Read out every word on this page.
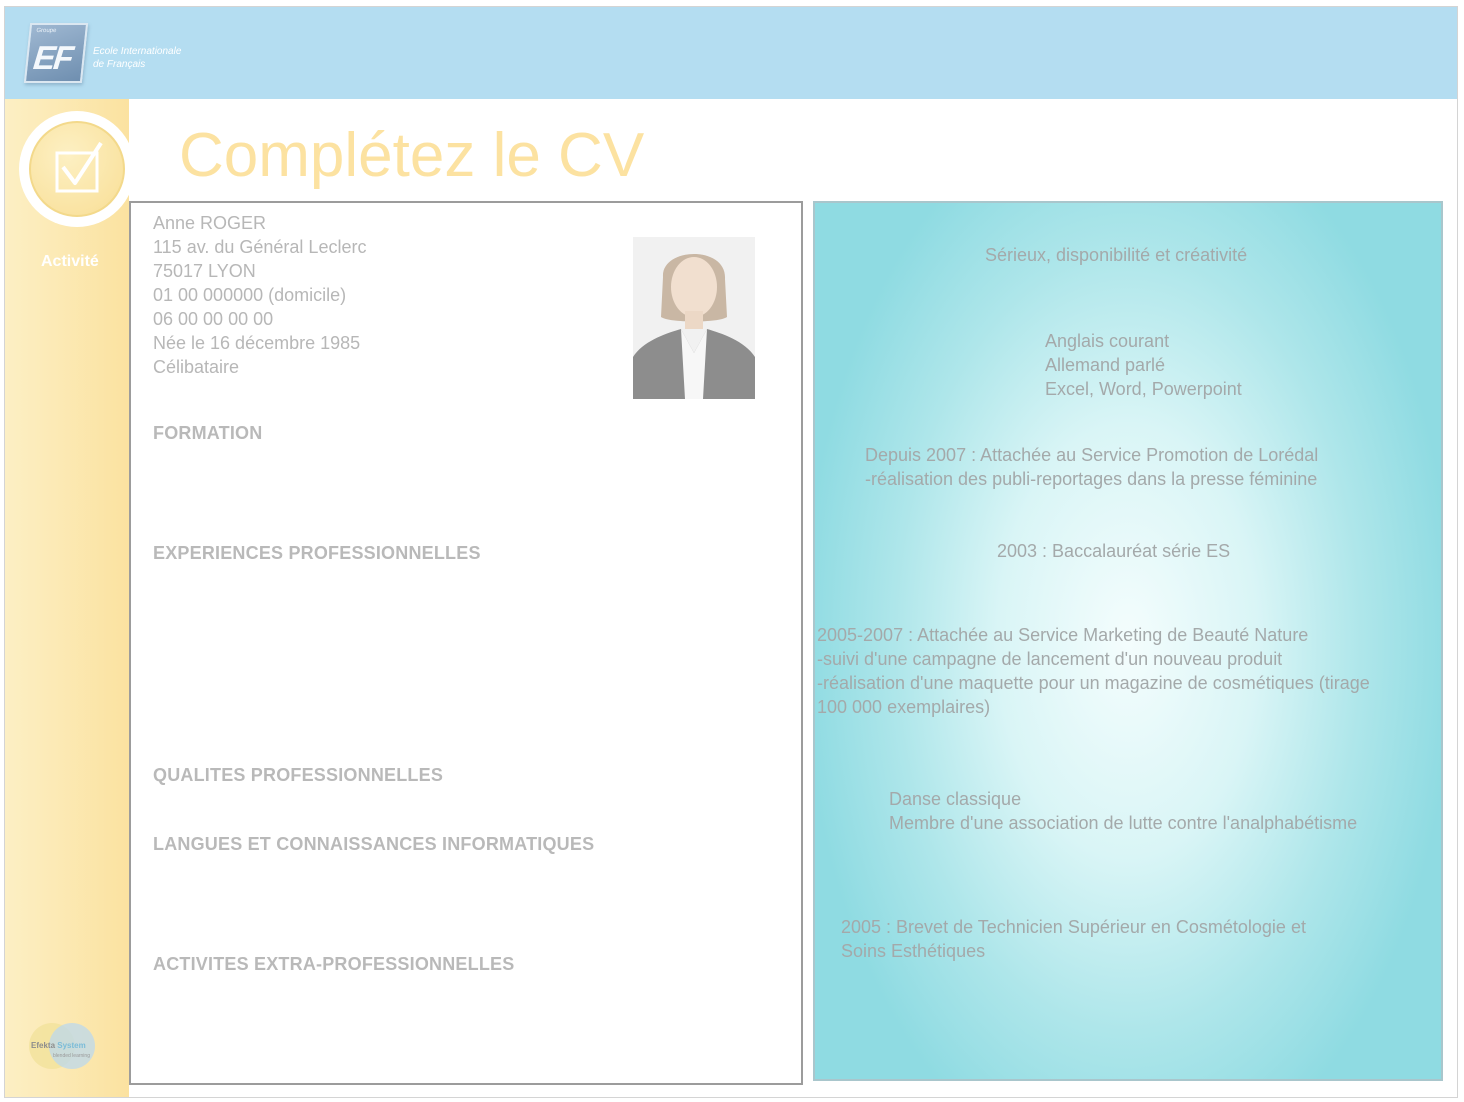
Groupe
EF Ecole Internationale
de Français
Activité
Efekta System
blended learning
Complétez le CV
Anne ROGER
115 av. du Général Leclerc
75017 LYON
01 00 000000 (domicile)
06 00 00 00 00
Née le 16 décembre 1985
Célibataire
FORMATION
EXPERIENCES PROFESSIONNELLES
QUALITES PROFESSIONNELLES
LANGUES ET CONNAISSANCES INFORMATIQUES
ACTIVITES EXTRA-PROFESSIONNELLES
Sérieux, disponibilité et créativité
Anglais courant
Allemand parlé
Excel, Word, Powerpoint
Depuis 2007 : Attachée au Service Promotion de Lorédal
-réalisation des publi-reportages dans la presse féminine
2003 : Baccalauréat série ES
2005-2007 : Attachée au Service Marketing de Beauté Nature
-suivi d'une campagne de lancement d'un nouveau produit
-réalisation d'une maquette pour un magazine de cosmétiques (tirage
100 000 exemplaires)
Danse classique
Membre d'une association de lutte contre l'analphabétisme
2005 : Brevet de Technicien Supérieur en Cosmétologie et
Soins Esthétiques
